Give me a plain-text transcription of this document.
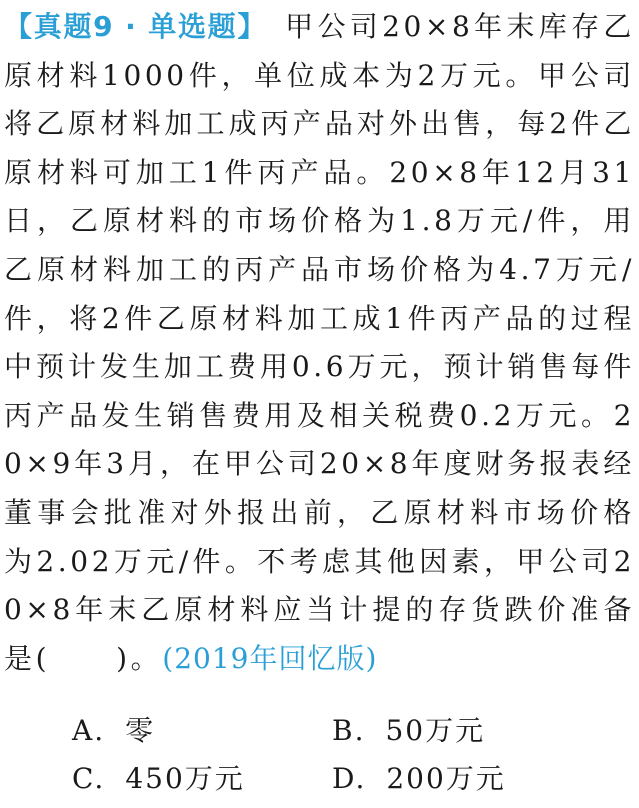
【真题9 · 单选题】 甲公司20×8年末库存乙原材料1000件，单位成本为2万元。甲公司将乙原材料加工成丙产品对外出售，每2件乙原材料可加工1件丙产品。20×8年12月31日，乙原材料的市场价格为1.8万元/件，用乙原材料加工的丙产品市场价格为4.7万元/件，将2件乙原材料加工成1件丙产品的过程中预计发生加工费用0.6万元，预计销售每件丙产品发生销售费用及相关税费0.2万元。20×9年3月，在甲公司20×8年度财务报表经董事会批准对外报出前，乙原材料市场价格为2.02万元/件。不考虑其他因素，甲公司20×8年末乙原材料应当计提的存货跌价准备是( )。(2019年回忆版)

A. 零	B. 50万元
C. 450万元	D. 200万元
